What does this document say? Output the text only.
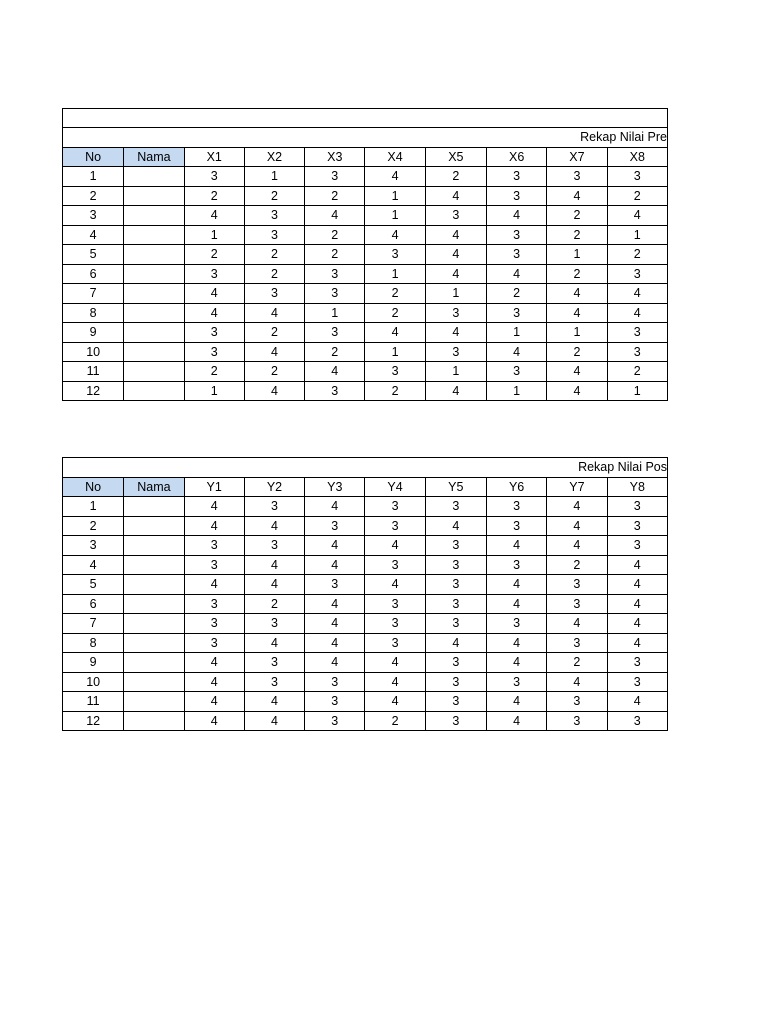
Rekap Nilai Pre									
No	Nama	X1	X2	X3	X4	X5	X6	X7	X8
1		3	1	3	4	2	3	3	3
2		2	2	2	1	4	3	4	2
3		4	3	4	1	3	4	2	4
4		1	3	2	4	4	3	2	1
5		2	2	2	3	4	3	1	2
6		3	2	3	1	4	4	2	3
7		4	3	3	2	1	2	4	4
8		4	4	1	2	3	3	4	4
9		3	2	3	4	4	1	1	3
10		3	4	2	1	3	4	2	3
11		2	2	4	3	1	3	4	2
12		1	4	3	2	4	1	4	1
Rekap Nilai Pos									
No	Nama	Y1	Y2	Y3	Y4	Y5	Y6	Y7	Y8
1		4	3	4	3	3	3	4	3
2		4	4	3	3	4	3	4	3
3		3	3	4	4	3	4	4	3
4		3	4	4	3	3	3	2	4
5		4	4	3	4	3	4	3	4
6		3	2	4	3	3	4	3	4
7		3	3	4	3	3	3	4	4
8		3	4	4	3	4	4	3	4
9		4	3	4	4	3	4	2	3
10		4	3	3	4	3	3	4	3
11		4	4	3	4	3	4	3	4
12		4	4	3	2	3	4	3	3
